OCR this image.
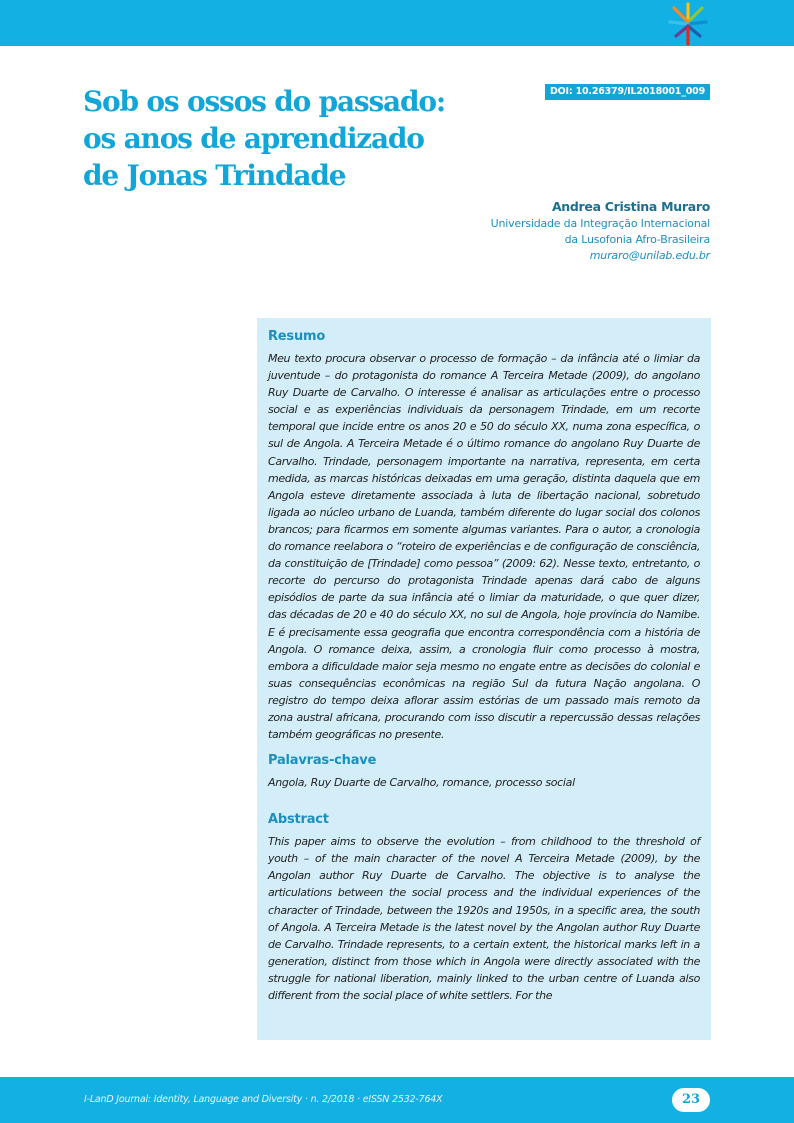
Sob os ossos do passado:
os anos de aprendizado
de Jonas Trindade
DOI: 10.26379/IL2018001_009
Andrea Cristina Muraro
Universidade da Integração Internacional
da Lusofonia Afro-Brasileira
muraro@unilab.edu.br
Resumo

Meu texto procura observar o processo de formação – da infância até o limiar da juventude – do protagonista do romance A Terceira Metade (2009), do angolano Ruy Duarte de Carvalho. O interesse é analisar as articulações entre o processo social e as experiências individuais da personagem Trindade, em um recorte temporal que incide entre os anos 20 e 50 do século XX, numa zona específica, o sul de Angola. A Terceira Metade é o último romance do angolano Ruy Duarte de Carvalho. Trindade, personagem importante na narrativa, representa, em certa medida, as marcas históricas deixadas em uma geração, distinta daquela que em Angola esteve diretamente associada à luta de libertação nacional, sobretudo ligada ao núcleo urbano de Luanda, também diferente do lugar social dos colonos brancos; para ficarmos em somente algumas variantes. Para o autor, a cronologia do romance reelabora o “roteiro de experiências e de configuração de consciência, da constituição de [Trindade] como pessoa” (2009: 62). Nesse texto, entretanto, o recorte do percurso do protagonista Trindade apenas dará cabo de alguns episódios de parte da sua infância até o limiar da maturidade, o que quer dizer, das décadas de 20 e 40 do século XX, no sul de Angola, hoje província do Namibe. E é precisamente essa geografia que encontra correspondência com a história de Angola. O romance deixa, assim, a cronologia fluir como processo à mostra, embora a dificuldade maior seja mesmo no engate entre as decisões do colonial e suas consequências econômicas na região Sul da futura Nação angolana. O registro do tempo deixa aflorar assim estórias de um passado mais remoto da zona austral africana, procurando com isso discutir a repercussão dessas relações também geográficas no presente.

Palavras-chave

Angola, Ruy Duarte de Carvalho, romance, processo social

Abstract

This paper aims to observe the evolution – from childhood to the threshold of youth – of the main character of the novel A Terceira Metade (2009), by the Angolan author Ruy Duarte de Carvalho. The objective is to analyse the articulations between the social process and the individual experiences of the character of Trindade, between the 1920s and 1950s, in a specific area, the south of Angola. A Terceira Metade is the latest novel by the Angolan author Ruy Duarte de Carvalho. Trindade represents, to a certain extent, the historical marks left in a generation, distinct from those which in Angola were directly associated with the struggle for national liberation, mainly linked to the urban centre of Luanda also different from the social place of white settlers. For the

I-LanD Journal: Identity, Language and Diversity · n. 2/2018 · eISSN 2532-764X	23
